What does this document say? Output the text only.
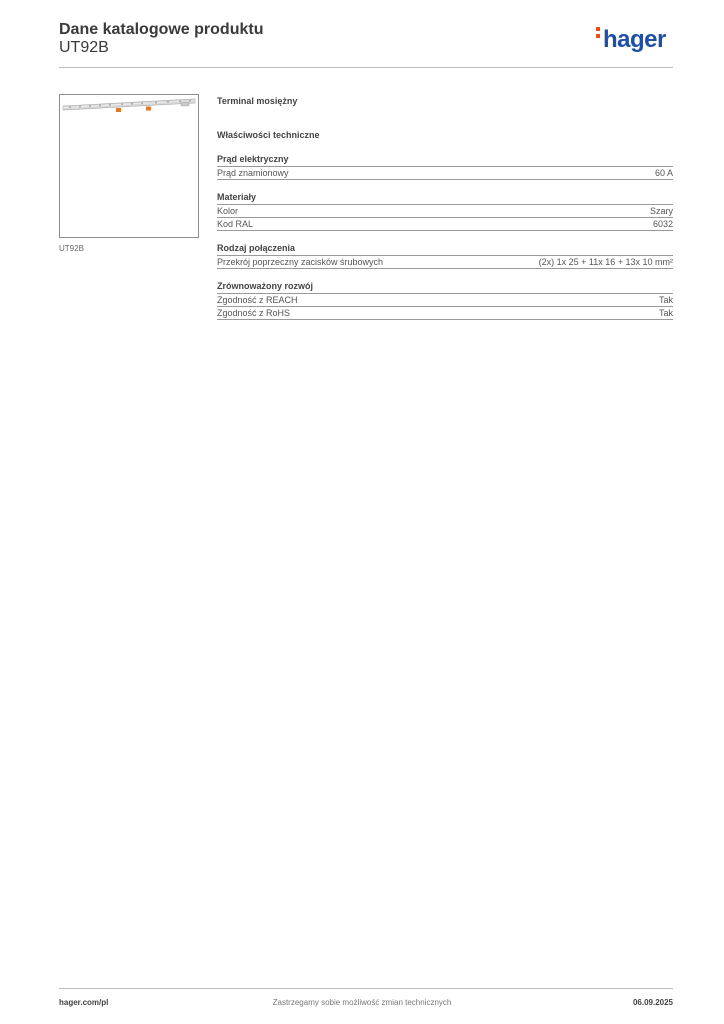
Dane katalogowe produktu
UT92B	hager
UT92B
Terminal mosiężny
Właściwości techniczne
Prąd elektryczny
Prąd znamionowy	60 A
Materiały
Kolor	Szary
Kod RAL	6032
Rodzaj połączenia
Przekrój poprzeczny zacisków śrubowych	(2x) 1x 25 + 11x 16 + 13x 10 mm²
Zrównoważony rozwój
Zgodność z REACH	Tak
Zgodność z RoHS	Tak
hager.com/pl	Zastrzegamy sobie możliwość zmian technicznych	06.09.2025
